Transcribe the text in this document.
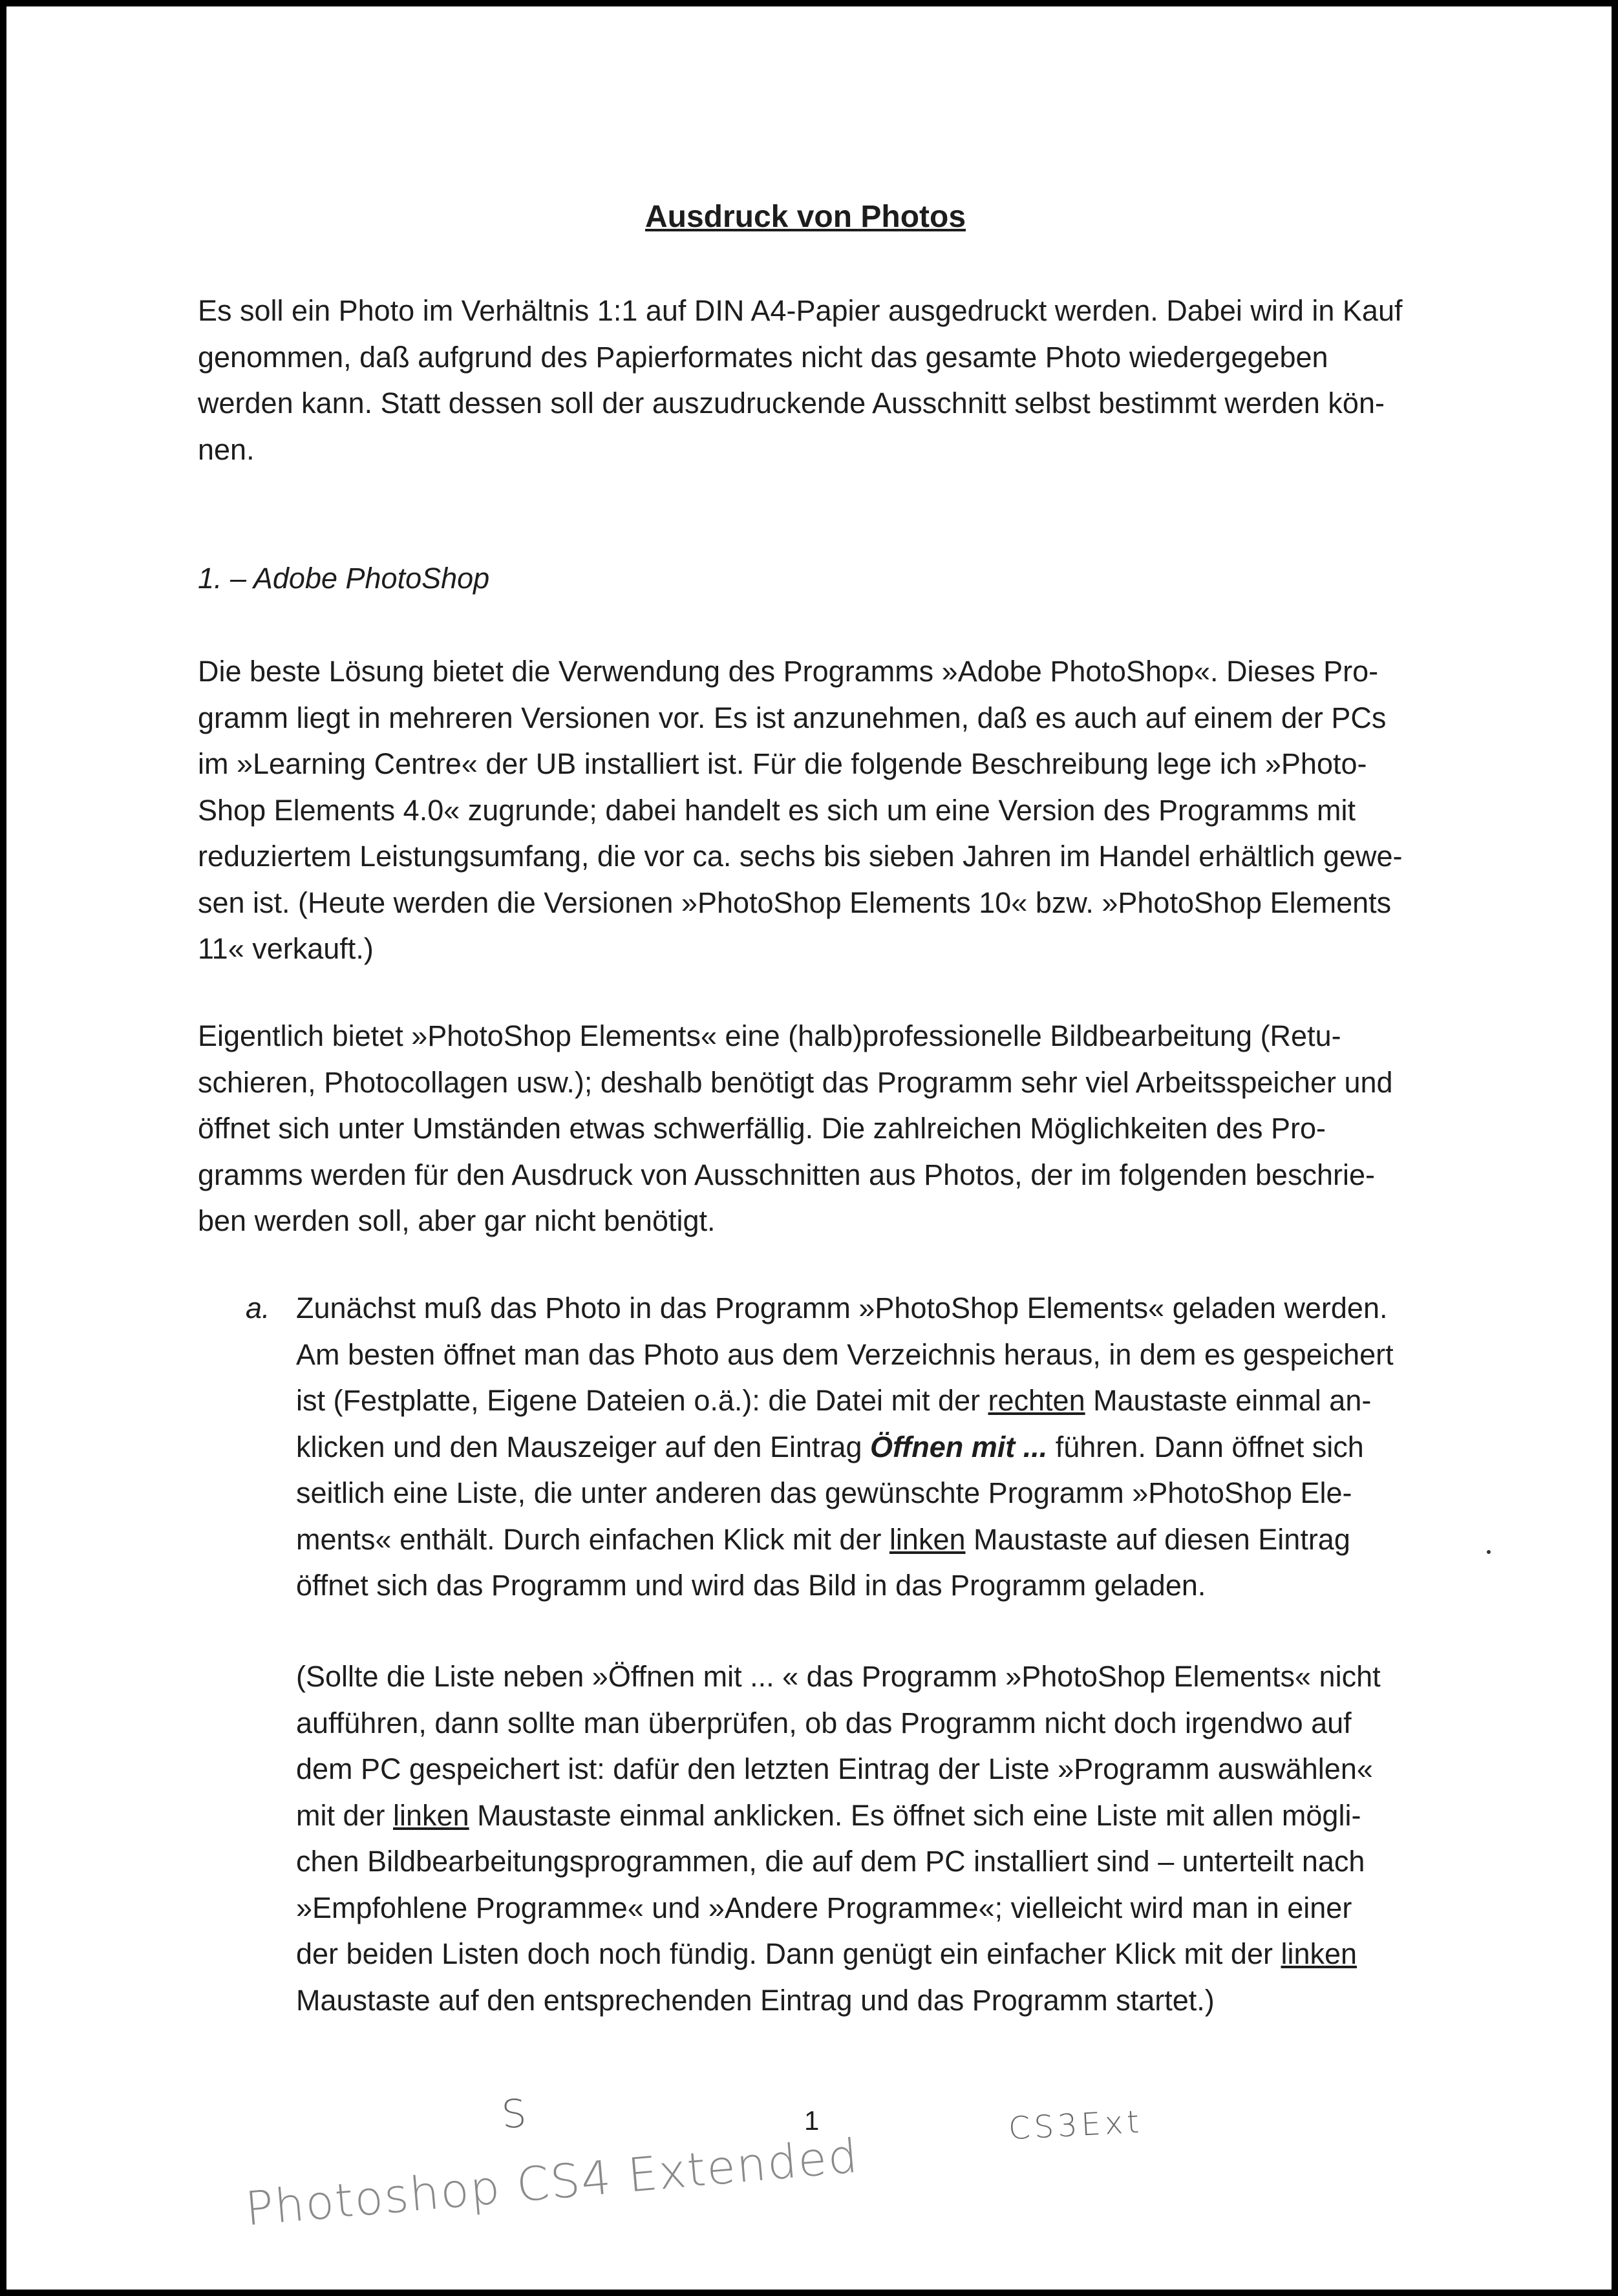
Ausdruck von Photos
Es soll ein Photo im Verhältnis 1:1 auf DIN A4-Papier ausgedruckt werden. Dabei wird in Kauf
genommen, daß aufgrund des Papierformates nicht das gesamte Photo wiedergegeben
werden kann. Statt dessen soll der auszudruckende Ausschnitt selbst bestimmt werden kön-
nen.
1. – Adobe PhotoShop
Die beste Lösung bietet die Verwendung des Programms »Adobe PhotoShop«. Dieses Pro-
gramm liegt in mehreren Versionen vor. Es ist anzunehmen, daß es auch auf einem der PCs
im »Learning Centre« der UB installiert ist. Für die folgende Beschreibung lege ich »Photo-
Shop Elements 4.0« zugrunde; dabei handelt es sich um eine Version des Programms mit
reduziertem Leistungsumfang, die vor ca. sechs bis sieben Jahren im Handel erhältlich gewe-
sen ist. (Heute werden die Versionen »PhotoShop Elements 10« bzw. »PhotoShop Elements
11« verkauft.)
Eigentlich bietet »PhotoShop Elements« eine (halb)professionelle Bildbearbeitung (Retu-
schieren, Photocollagen usw.); deshalb benötigt das Programm sehr viel Arbeitsspeicher und
öffnet sich unter Umständen etwas schwerfällig. Die zahlreichen Möglichkeiten des Pro-
gramms werden für den Ausdruck von Ausschnitten aus Photos, der im folgenden beschrie-
ben werden soll, aber gar nicht benötigt.
a. Zunächst muß das Photo in das Programm »PhotoShop Elements« geladen werden.
Am besten öffnet man das Photo aus dem Verzeichnis heraus, in dem es gespeichert
ist (Festplatte, Eigene Dateien o.ä.): die Datei mit der rechten Maustaste einmal an-
klicken und den Mauszeiger auf den Eintrag Öffnen mit ... führen. Dann öffnet sich
seitlich eine Liste, die unter anderen das gewünschte Programm »PhotoShop Ele-
ments« enthält. Durch einfachen Klick mit der linken Maustaste auf diesen Eintrag
öffnet sich das Programm und wird das Bild in das Programm geladen.
(Sollte die Liste neben »Öffnen mit ... « das Programm »PhotoShop Elements« nicht
aufführen, dann sollte man überprüfen, ob das Programm nicht doch irgendwo auf
dem PC gespeichert ist: dafür den letzten Eintrag der Liste »Programm auswählen«
mit der linken Maustaste einmal anklicken. Es öffnet sich eine Liste mit allen mögli-
chen Bildbearbeitungsprogrammen, die auf dem PC installiert sind – unterteilt nach
»Empfohlene Programme« und »Andere Programme«; vielleicht wird man in einer
der beiden Listen doch noch fündig. Dann genügt ein einfacher Klick mit der linken
Maustaste auf den entsprechenden Eintrag und das Programm startet.)
1
S	CS3Ext
Photoshop CS4 Extended
